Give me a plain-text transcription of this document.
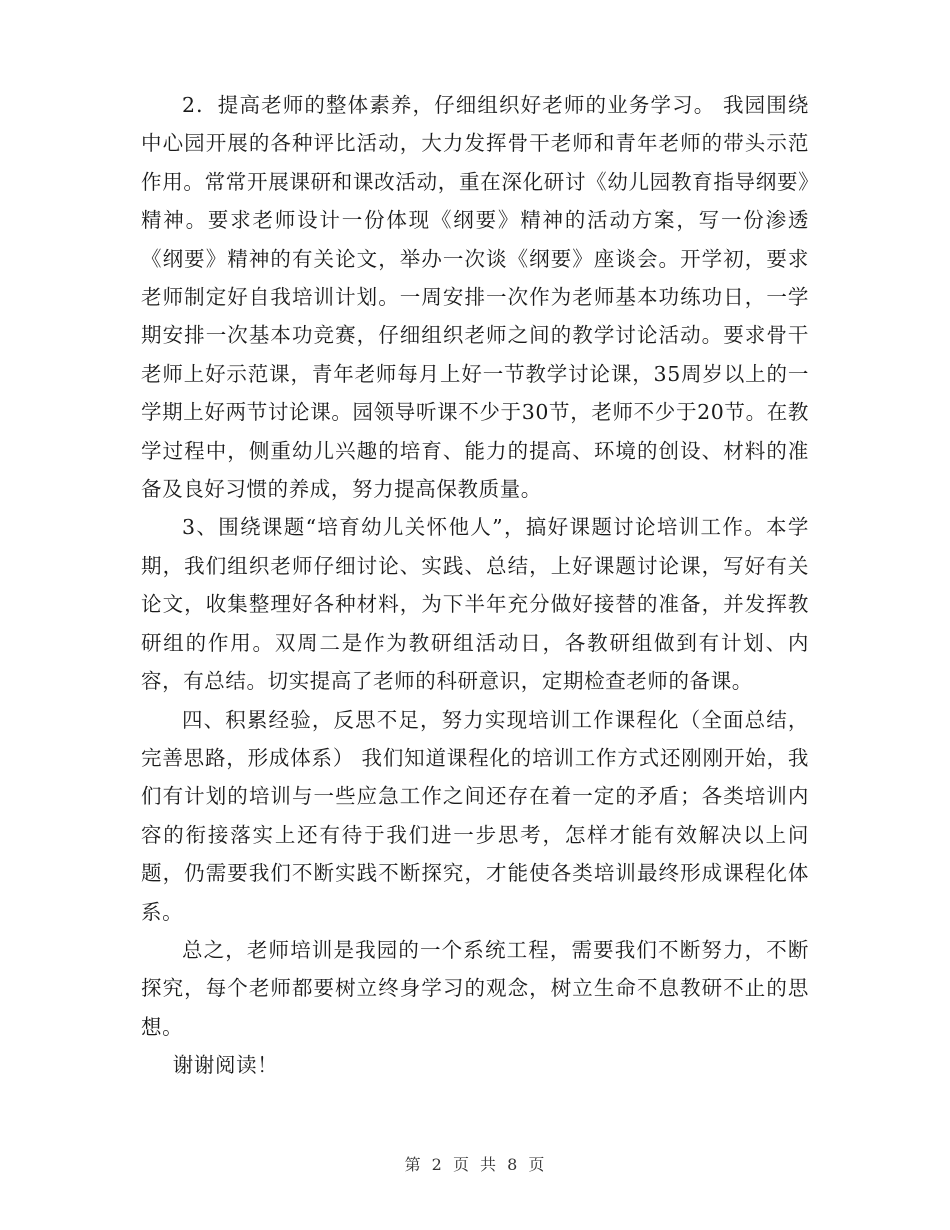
2．提高老师的整体素养，仔细组织好老师的业务学习。 我园围绕中心园开展的各种评比活动，大力发挥骨干老师和青年老师的带头示范作用。常常开展课研和课改活动，重在深化研讨《幼儿园教育指导纲要》精神。要求老师设计一份体现《纲要》精神的活动方案，写一份渗透《纲要》精神的有关论文，举办一次谈《纲要》座谈会。开学初，要求老师制定好自我培训计划。一周安排一次作为老师基本功练功日，一学期安排一次基本功竞赛，仔细组织老师之间的教学讨论活动。要求骨干老师上好示范课，青年老师每月上好一节教学讨论课，35周岁以上的一学期上好两节讨论课。园领导听课不少于30节，老师不少于20节。在教学过程中，侧重幼儿兴趣的培育、能力的提高、环境的创设、材料的准备及良好习惯的养成，努力提高保教质量。

3、围绕课题“培育幼儿关怀他人”，搞好课题讨论培训工作。本学期，我们组织老师仔细讨论、实践、总结，上好课题讨论课，写好有关论文，收集整理好各种材料，为下半年充分做好接替的准备，并发挥教研组的作用。双周二是作为教研组活动日，各教研组做到有计划、内容，有总结。切实提高了老师的科研意识，定期检查老师的备课。

四、积累经验，反思不足，努力实现培训工作课程化（全面总结，完善思路，形成体系） 我们知道课程化的培训工作方式还刚刚开始，我们有计划的培训与一些应急工作之间还存在着一定的矛盾；各类培训内容的衔接落实上还有待于我们进一步思考，怎样才能有效解决以上问题，仍需要我们不断实践不断探究，才能使各类培训最终形成课程化体系。

总之，老师培训是我园的一个系统工程，需要我们不断努力，不断探究，每个老师都要树立终身学习的观念，树立生命不息教研不止的思想。

谢谢阅读！

第 2 页 共 8 页
